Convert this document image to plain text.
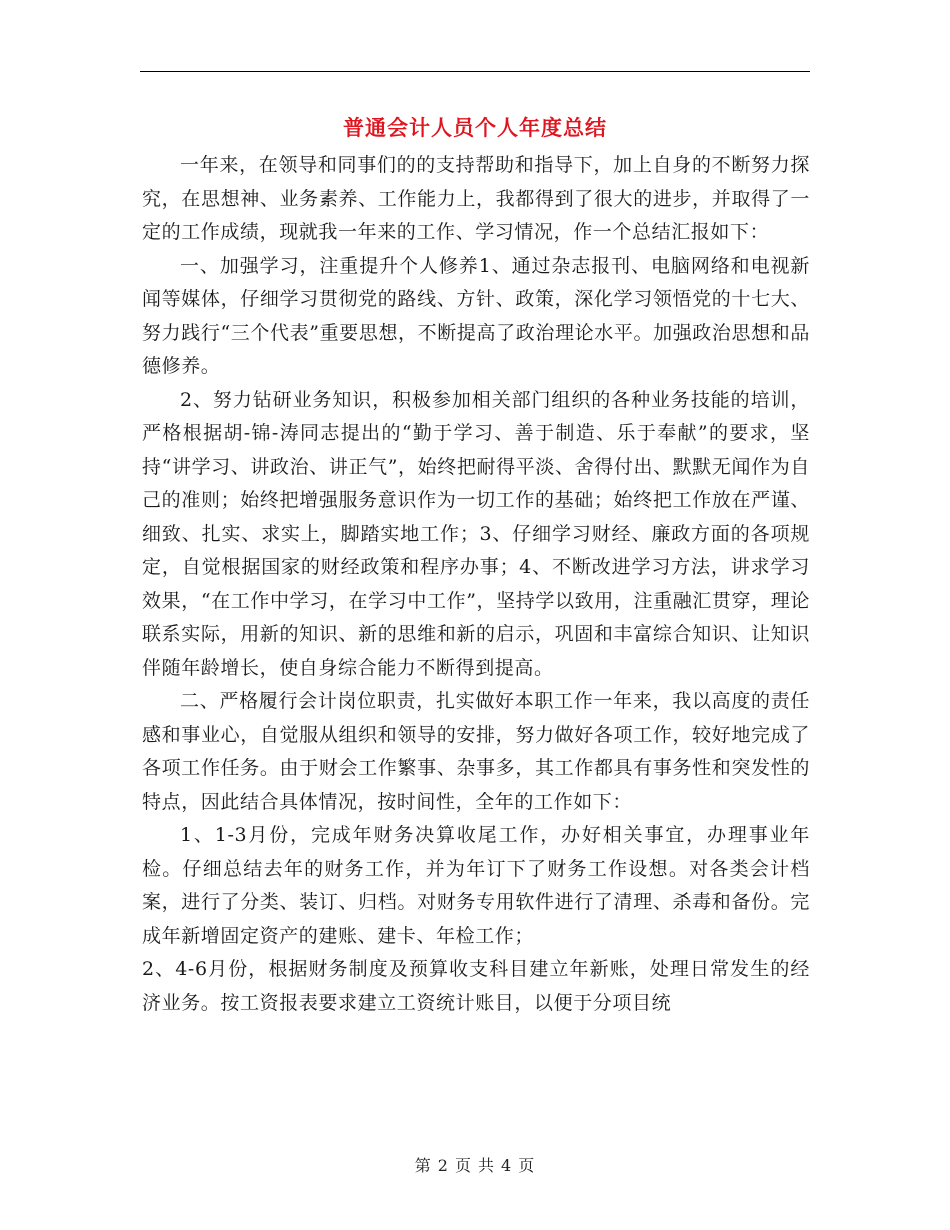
普通会计人员个人年度总结

一年来，在领导和同事们的的支持帮助和指导下，加上自身的不断努力探究，在思想神、业务素养、工作能力上，我都得到了很大的进步，并取得了一定的工作成绩，现就我一年来的工作、学习情况，作一个总结汇报如下：

一、加强学习，注重提升个人修养1、通过杂志报刊、电脑网络和电视新闻等媒体，仔细学习贯彻党的路线、方针、政策，深化学习领悟党的十七大、努力践行“三个代表”重要思想，不断提高了政治理论水平。加强政治思想和品德修养。

2、努力钻研业务知识，积极参加相关部门组织的各种业务技能的培训，严格根据胡-锦-涛同志提出的“勤于学习、善于制造、乐于奉献”的要求，坚持“讲学习、讲政治、讲正气”，始终把耐得平淡、舍得付出、默默无闻作为自己的准则；始终把增强服务意识作为一切工作的基础；始终把工作放在严谨、细致、扎实、求实上，脚踏实地工作；3、仔细学习财经、廉政方面的各项规定，自觉根据国家的财经政策和程序办事；4、不断改进学习方法，讲求学习效果，“在工作中学习，在学习中工作”，坚持学以致用，注重融汇贯穿，理论联系实际，用新的知识、新的思维和新的启示，巩固和丰富综合知识、让知识伴随年龄增长，使自身综合能力不断得到提高。

二、严格履行会计岗位职责，扎实做好本职工作一年来，我以高度的责任感和事业心，自觉服从组织和领导的安排，努力做好各项工作，较好地完成了各项工作任务。由于财会工作繁事、杂事多，其工作都具有事务性和突发性的特点，因此结合具体情况，按时间性，全年的工作如下：

1、1-3月份，完成年财务决算收尾工作，办好相关事宜，办理事业年检。仔细总结去年的财务工作，并为年订下了财务工作设想。对各类会计档案，进行了分类、装订、归档。对财务专用软件进行了清理、杀毒和备份。完成年新增固定资产的建账、建卡、年检工作；

2、4-6月份，根据财务制度及预算收支科目建立年新账，处理日常发生的经济业务。按工资报表要求建立工资统计账目，以便于分项目统

第 2 页 共 4 页
